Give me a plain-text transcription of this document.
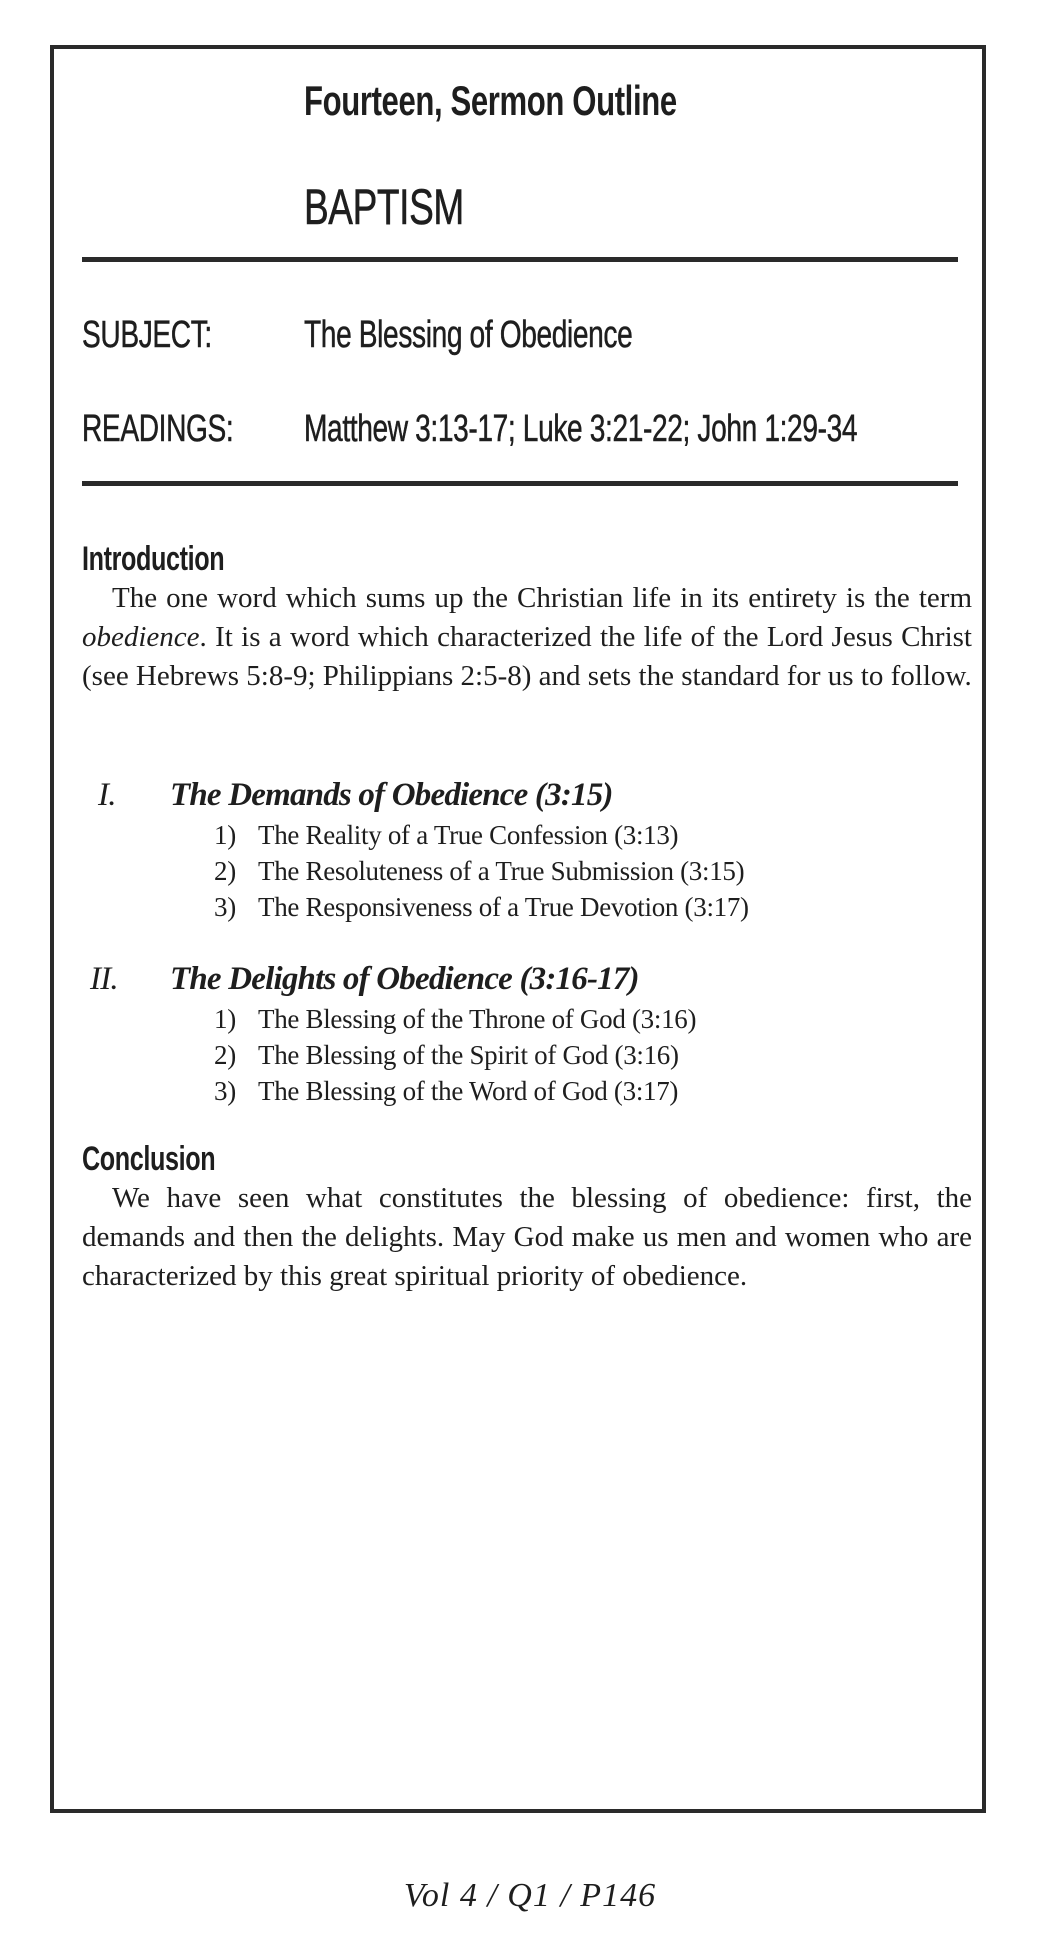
Fourteen, Sermon Outline
BAPTISM
SUBJECT:	The Blessing of Obedience
READINGS:	Matthew 3:13-17; Luke 3:21-22; John 1:29-34
Introduction
The one word which sums up the Christian life in its entirety is the term obedience. It is a word which characterized the life of the Lord Jesus Christ (see Hebrews 5:8-9; Philippians 2:5-8) and sets the standard for us to follow.
I. The Demands of Obedience (3:15)
1) The Reality of a True Confession (3:13)
2) The Resoluteness of a True Submission (3:15)
3) The Responsiveness of a True Devotion (3:17)
II. The Delights of Obedience (3:16-17)
1) The Blessing of the Throne of God (3:16)
2) The Blessing of the Spirit of God (3:16)
3) The Blessing of the Word of God (3:17)
Conclusion
We have seen what constitutes the blessing of obedience: first, the demands and then the delights. May God make us men and women who are characterized by this great spiritual priority of obedience.
Vol 4 / Q1 / P146
